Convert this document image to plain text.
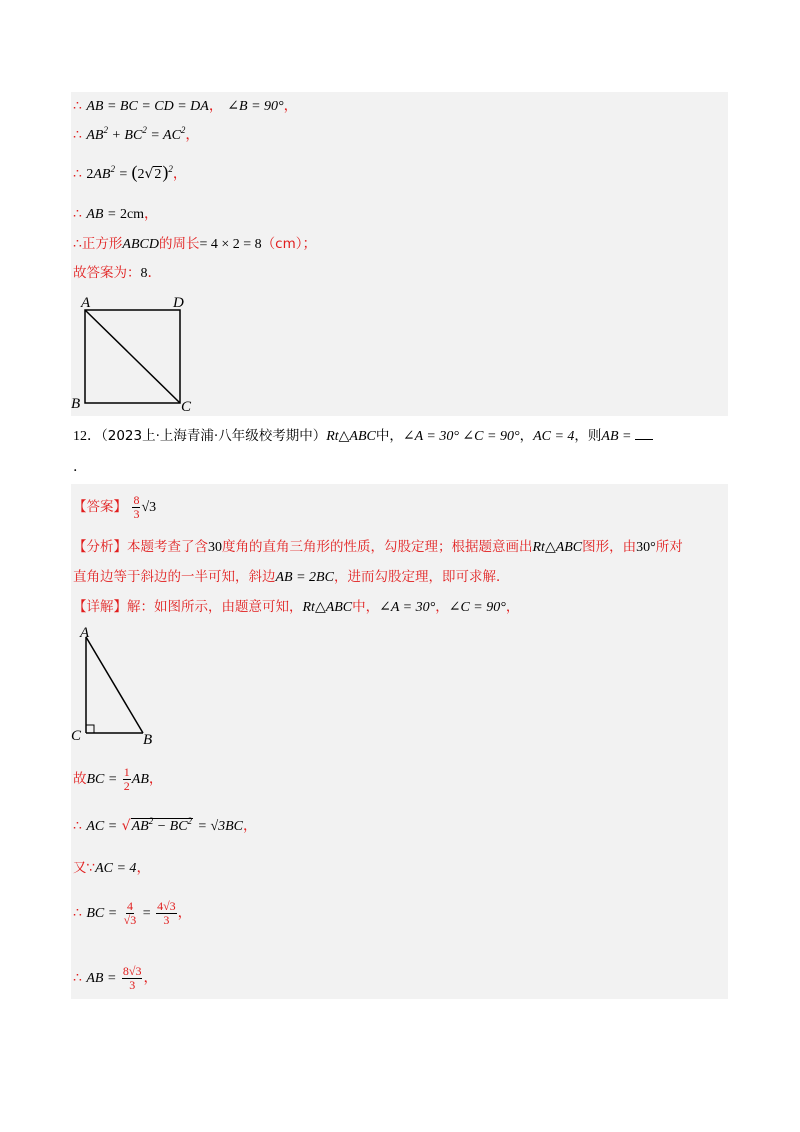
∴ AB = BC = CD = DA， ∠B = 90°，
∴ $AB^2 + BC^2 = AC^2$，
∴ $2AB^2 = (2√2)^2$，
∴ AB = 2cm，
∴正方形ABCD的周长= 4 × 2 = 8（cm）；
故答案为：8．
A	D
B	C
12．（2023上·上海青浦·八年级校考期中）Rt△ABC中，∠A = 30° ∠C = 90°，AC = 4，则AB =
.
【答案】 $\frac{8}{3} √3$
【分析】本题考查了含30度角的直角三角形的性质，勾股定理；根据题意画出Rt△ABC图形，由30°所对
直角边等于斜边的一半可知，斜边AB = 2BC，进而勾股定理，即可求解．
【详解】解：如图所示，由题意可知，Rt△ABC中，∠A = 30°，∠C = 90°，
A
C	B
故BC = $\frac{1}{2}$ AB，
∴ AC = $√AB^2 - BC^2 = √3BC$，
又∵AC = 4，
∴ BC = $\frac{4}{√3} = \frac{4√3}{3}$ ，
∴ AB = $\frac{8√3}{3}$ ，
